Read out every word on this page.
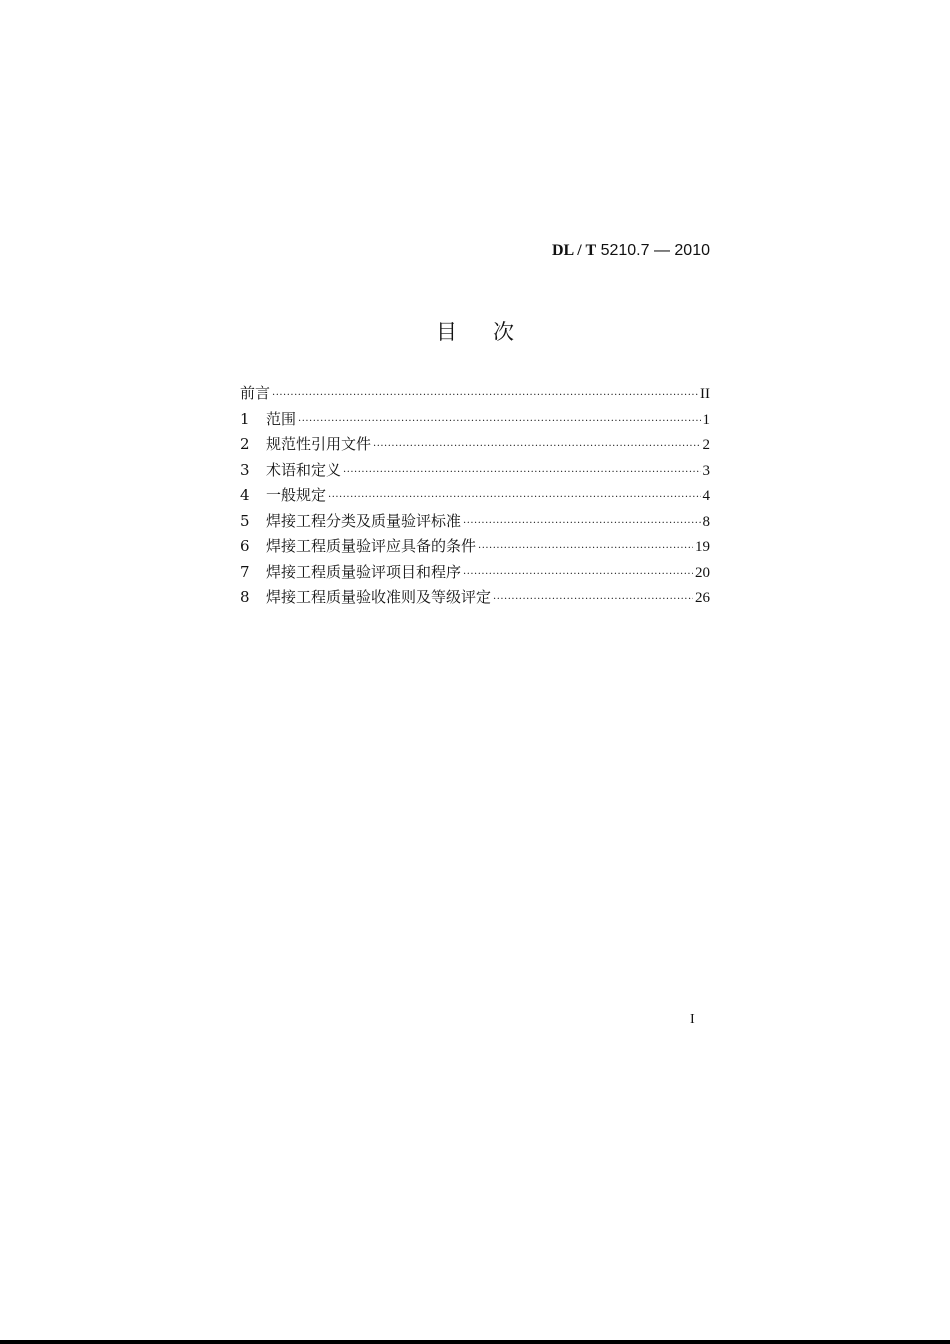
DL / T 5210.7 — 2010
目次
前言 ·····	II
1	范围 ·····	1
2	规范性引用文件 ·····	2
3	术语和定义 ·····	3
4	一般规定 ·····	4
5	焊接工程分类及质量验评标准 ·····	8
6	焊接工程质量验评应具备的条件 ·····	19
7	焊接工程质量验评项目和程序 ·····	20
8	焊接工程质量验收准则及等级评定 ·····	26
I
